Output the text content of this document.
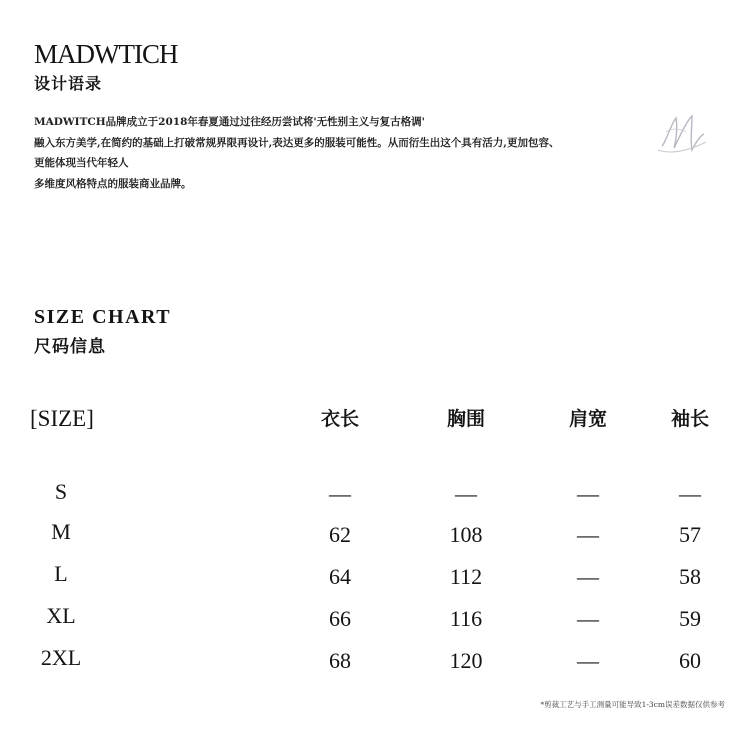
MADWTICH
设计语录
MADWITCH品牌成立于2018年春夏通过过往经历尝试将'无性别主义与复古格调'
融入东方美学,在简约的基础上打破常规界限再设计,表达更多的服装可能性。从而衍生出这个具有活力,更加包容、
更能体现当代年轻人
多维度风格特点的服装商业品牌。
SIZE CHART
尺码信息
[SIZE]	衣长	胸围	肩宽	袖长
S	—	—	—	—
M	62	108	—	57
L	64	112	—	58
XL	66	116	—	59
2XL	68	120	—	60
*剪裁工艺与手工测量可能导致1-3cm误差数据仅供参考
